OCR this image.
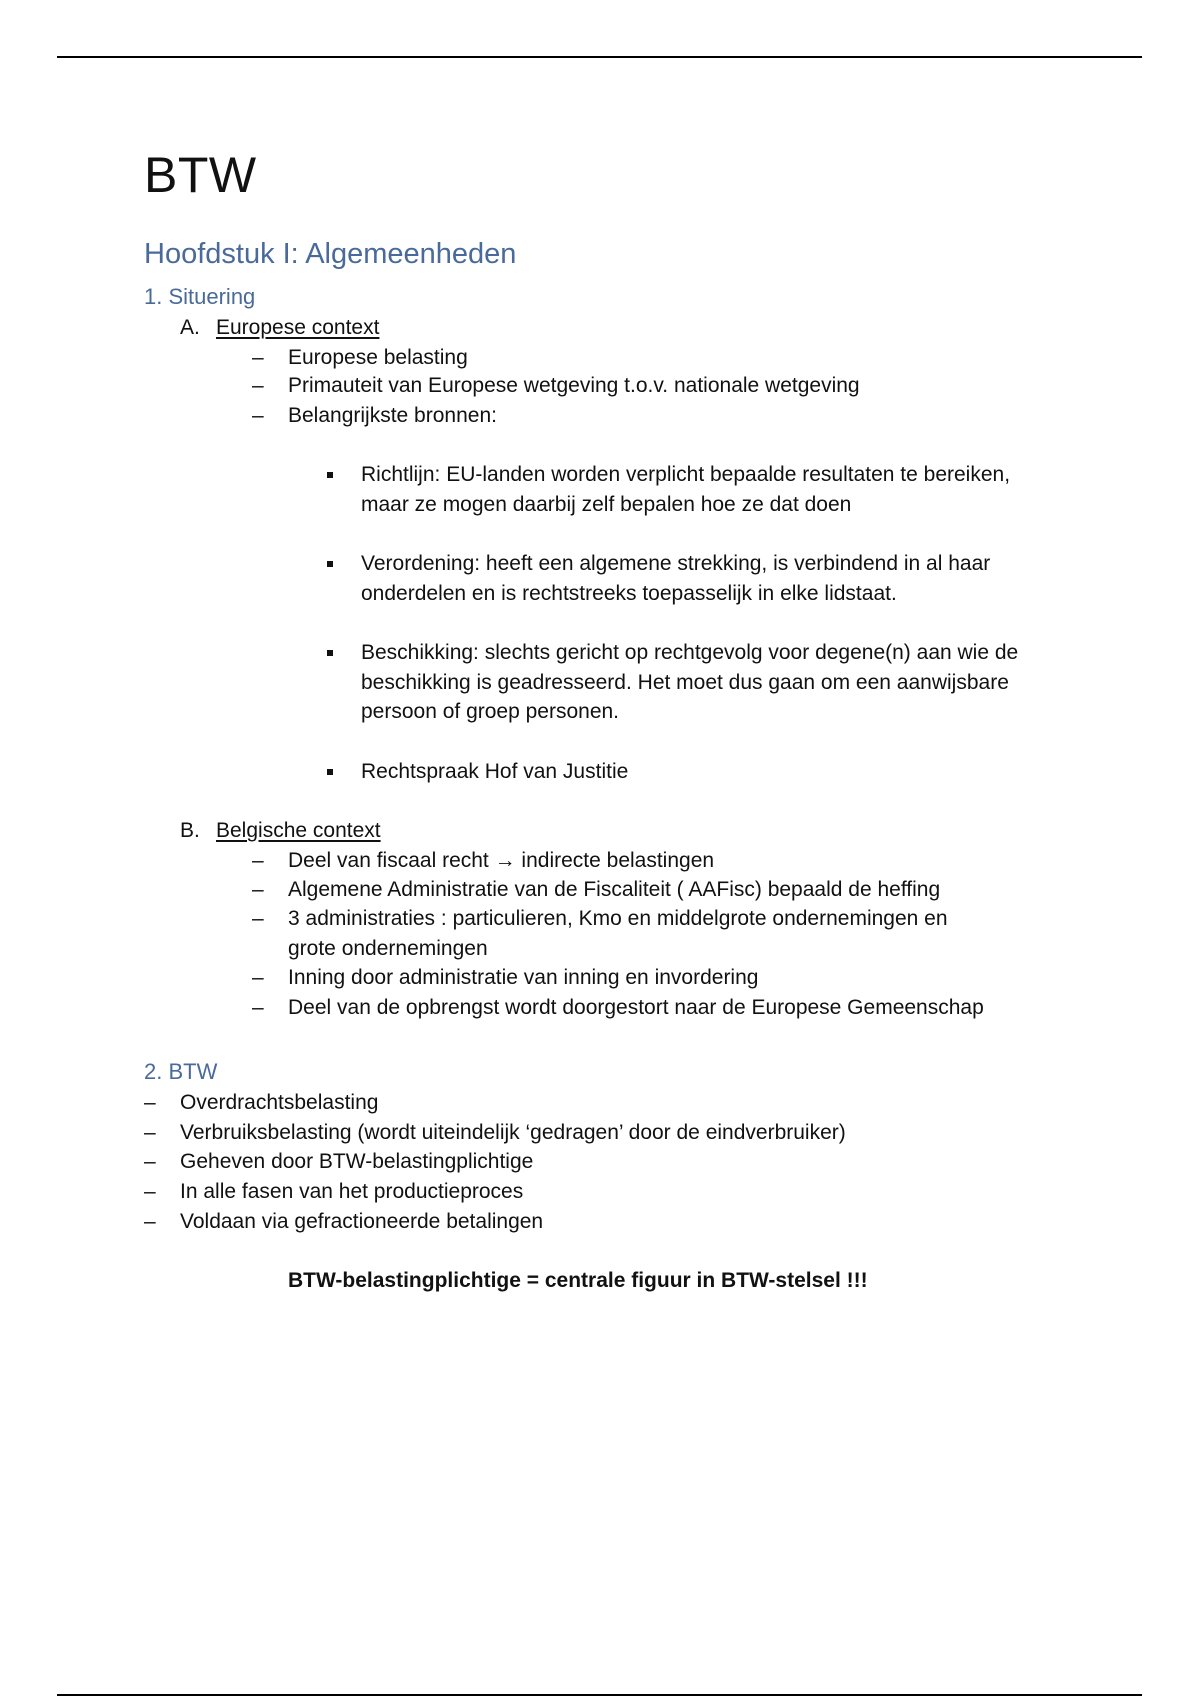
BTW
Hoofdstuk I: Algemeenheden
1. Situering
A. Europese context
– Europese belasting
– Primauteit van Europese wetgeving t.o.v. nationale wetgeving
– Belangrijkste bronnen:
Richtlijn: EU-landen worden verplicht bepaalde resultaten te bereiken,
maar ze mogen daarbij zelf bepalen hoe ze dat doen
Verordening: heeft een algemene strekking, is verbindend in al haar
onderdelen en is rechtstreeks toepasselijk in elke lidstaat.
Beschikking: slechts gericht op rechtgevolg voor degene(n) aan wie de
beschikking is geadresseerd. Het moet dus gaan om een aanwijsbare
persoon of groep personen.
Rechtspraak Hof van Justitie
B. Belgische context
– Deel van fiscaal recht → indirecte belastingen
– Algemene Administratie van de Fiscaliteit ( AAFisc) bepaald de heffing
– 3 administraties : particulieren, Kmo en middelgrote ondernemingen en
grote ondernemingen
– Inning door administratie van inning en invordering
– Deel van de opbrengst wordt doorgestort naar de Europese Gemeenschap
2. BTW
– Overdrachtsbelasting
– Verbruiksbelasting (wordt uiteindelijk ‘gedragen’ door de eindverbruiker)
– Geheven door BTW-belastingplichtige
– In alle fasen van het productieproces
– Voldaan via gefractioneerde betalingen
BTW-belastingplichtige = centrale figuur in BTW-stelsel !!!
